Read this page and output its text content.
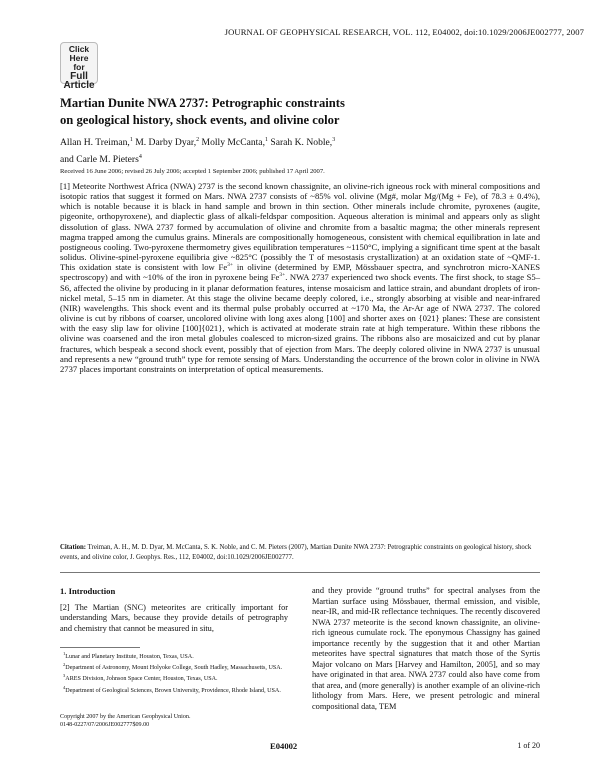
Click
Here
for
Full
Article
JOURNAL OF GEOPHYSICAL RESEARCH, VOL. 112, E04002, doi:10.1029/2006JE002777, 2007
Martian Dunite NWA 2737: Petrographic constraints
on geological history, shock events, and olivine color
Allan H. Treiman,$^1$ M. Darby Dyar,$^2$ Molly McCanta,$^1$ Sarah K. Noble,$^3$
and Carle M. Pieters$^4$
Received 16 June 2006; revised 26 July 2006; accepted 1 September 2006; published 17 April 2007.

[1] Meteorite Northwest Africa (NWA) 2737 is the second known chassignite, an olivine-rich igneous rock with mineral compositions and isotopic ratios that suggest it formed on Mars. NWA 2737 consists of ~85% vol. olivine (Mg#, molar Mg/(Mg + Fe), of 78.3 ± 0.4%), which is notable because it is black in hand sample and brown in thin section. Other minerals include chromite, pyroxenes (augite, pigeonite, orthopyroxene), and diaplectic glass of alkali-feldspar composition. Aqueous alteration is minimal and appears only as slight dissolution of glass. NWA 2737 formed by accumulation of olivine and chromite from a basaltic magma; the other minerals represent magma trapped among the cumulus grains. Minerals are compositionally homogeneous, consistent with chemical equilibration in late and postigneous cooling. Two-pyroxene thermometry gives equilibration temperatures ~1150°C, implying a significant time spent at the basalt solidus. Olivine-spinel-pyroxene equilibria give ~825°C (possibly the T of mesostasis crystallization) at an oxidation state of ~QMF-1. This oxidation state is consistent with low $Fe^{3+}$ in olivine (determined by EMP, Mössbauer spectra, and synchrotron micro-XANES spectroscopy) and with ~10% of the iron in pyroxene being $Fe^{3+}$. NWA 2737 experienced two shock events. The first shock, to stage S5–S6, affected the olivine by producing in it planar deformation features, intense mosaicism and lattice strain, and abundant droplets of iron-nickel metal, 5–15 nm in diameter. At this stage the olivine became deeply colored, i.e., strongly absorbing at visible and near-infrared (NIR) wavelengths. This shock event and its thermal pulse probably occurred at ~170 Ma, the Ar-Ar age of NWA 2737. The colored olivine is cut by ribbons of coarser, uncolored olivine with long axes along [100] and shorter axes on {021} planes: These are consistent with the easy slip law for olivine [100]{021}, which is activated at moderate strain rate at high temperature. Within these ribbons the olivine was coarsened and the iron metal globules coalesced to micron-sized grains. The ribbons also are mosaicized and cut by planar fractures, which bespeak a second shock event, possibly that of ejection from Mars. The deeply colored olivine in NWA 2737 is unusual and represents a new “ground truth” type for remote sensing of Mars. Understanding the occurrence of the brown color in olivine in NWA 2737 places important constraints on interpretation of optical measurements.

Citation: Treiman, A. H., M. D. Dyar, M. McCanta, S. K. Noble, and C. M. Pieters (2007), Martian Dunite NWA 2737: Petrographic constraints on geological history, shock events, and olivine color, J. Geophys. Res., 112, E04002, doi:10.1029/2006JE002777.
1. Introduction

[2] The Martian (SNC) meteorites are critically important for understanding Mars, because they provide details of petrography and chemistry that cannot be measured in situ,

$^1$Lunar and Planetary Institute, Houston, Texas, USA.

$^2$Department of Astronomy, Mount Holyoke College, South Hadley, Massachusetts, USA.

$^3$ARES Division, Johnson Space Center, Houston, Texas, USA.

$^4$Department of Geological Sciences, Brown University, Providence, Rhode Island, USA.

Copyright 2007 by the American Geophysical Union.
0148-0227/07/2006JE002777$09.00

and they provide “ground truths” for spectral analyses from the Martian surface using Mössbauer, thermal emission, and visible, near-IR, and mid-IR reflectance techniques. The recently discovered NWA 2737 meteorite is the second known chassignite, an olivine-rich igneous cumulate rock. The eponymous Chassigny has gained importance recently by the suggestion that it and other Martian meteorites have spectral signatures that match those of the Syrtis Major volcano on Mars [Harvey and Hamilton, 2005], and so may have originated in that area. NWA 2737 could also have come from that area, and (more generally) is another example of an olivine-rich lithology from Mars. Here, we present petrologic and mineral compositional data, TEM

E04002	1 of 20
